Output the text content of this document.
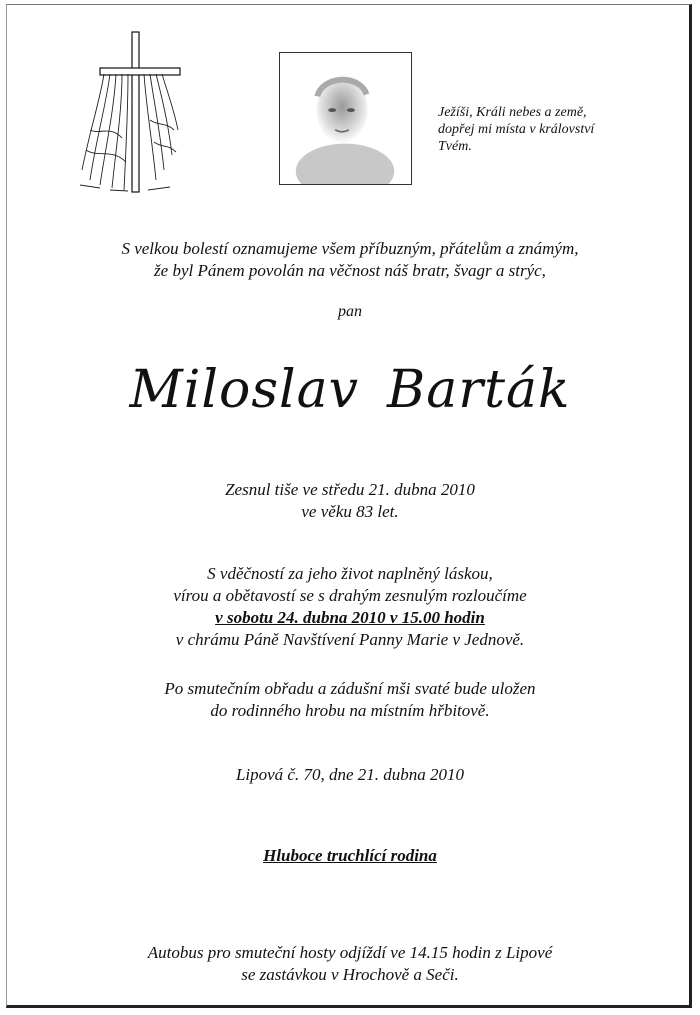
Ježíši, Králi nebes a země,
dopřej mi místa v království
Tvém.
S velkou bolestí oznamujeme všem příbuzným, přátelům a známým,
že byl Pánem povolán na věčnost náš bratr, švagr a strýc,
pan
Miloslav Barták
Zesnul tiše ve středu 21. dubna 2010
ve věku 83 let.
S vděčností za jeho život naplněný láskou,
vírou a obětavostí se s drahým zesnulým rozloučíme
v sobotu 24. dubna 2010 v 15.00 hodin
v chrámu Páně Navštívení Panny Marie v Jednově.
Po smutečním obřadu a zádušní mši svaté bude uložen
do rodinného hrobu na místním hřbitově.
Lipová č. 70, dne 21. dubna 2010
Hluboce truchlící rodina
Autobus pro smuteční hosty odjíždí ve 14.15 hodin z Lipové
se zastávkou v Hrochově a Seči.
